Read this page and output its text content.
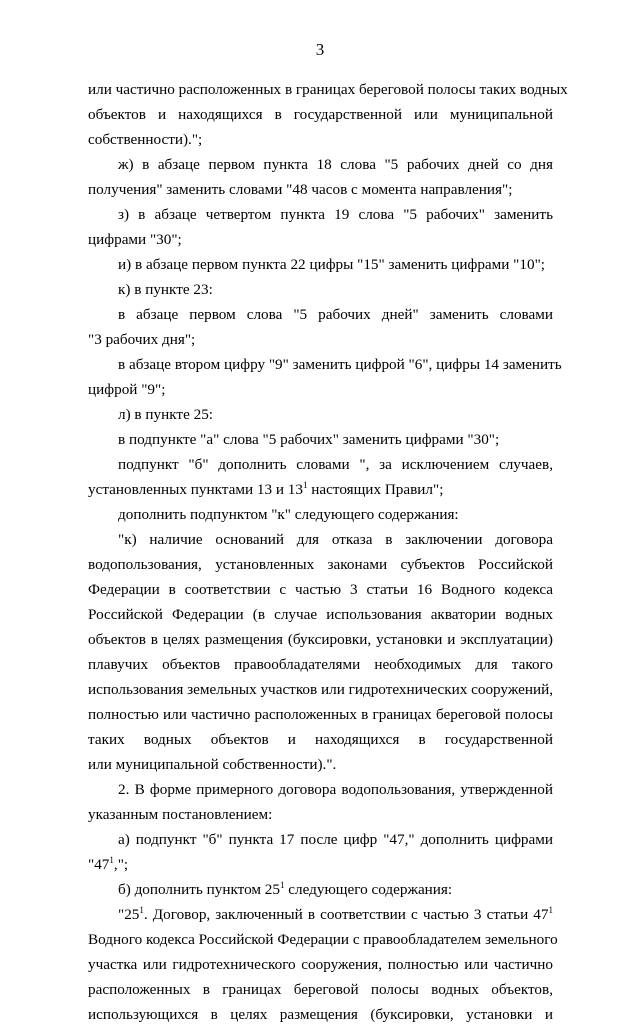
3
или частично расположенных в границах береговой полосы таких водных
объектов и находящихся в государственной или муниципальной
собственности).";
ж) в абзаце первом пункта 18 слова "5 рабочих дней со дня
получения" заменить словами "48 часов с момента направления";
з) в абзаце четвертом пункта 19 слова "5 рабочих" заменить
цифрами "30";
и) в абзаце первом пункта 22 цифры "15" заменить цифрами "10";
к) в пункте 23:
в абзаце первом слова "5 рабочих дней" заменить словами
"3 рабочих дня";
в абзаце втором цифру "9" заменить цифрой "6", цифры 14 заменить
цифрой "9";
л) в пункте 25:
в подпункте "а" слова "5 рабочих" заменить цифрами "30";
подпункт "б" дополнить словами ", за исключением случаев,
установленных пунктами 13 и $13^1$ настоящих Правил";
дополнить подпунктом "к" следующего содержания:
"к) наличие оснований для отказа в заключении договора
водопользования, установленных законами субъектов Российской
Федерации в соответствии с частью 3 статьи 16 Водного кодекса
Российской Федерации (в случае использования акватории водных
объектов в целях размещения (буксировки, установки и эксплуатации)
плавучих объектов правообладателями необходимых для такого
использования земельных участков или гидротехнических сооружений,
полностью или частично расположенных в границах береговой полосы
таких водных объектов и находящихся в государственной
или муниципальной собственности).".
2. В форме примерного договора водопользования, утвержденной
указанным постановлением:
а) подпункт "б" пункта 17 после цифр "47," дополнить цифрами
"$47^1$,";
б) дополнить пунктом $25^1$ следующего содержания:
"$25^1$. Договор, заключенный в соответствии с частью 3 статьи $47^1$
Водного кодекса Российской Федерации с правообладателем земельного
участка или гидротехнического сооружения, полностью или частично
расположенных в границах береговой полосы водных объектов,
использующихся в целях размещения (буксировки, установки и
